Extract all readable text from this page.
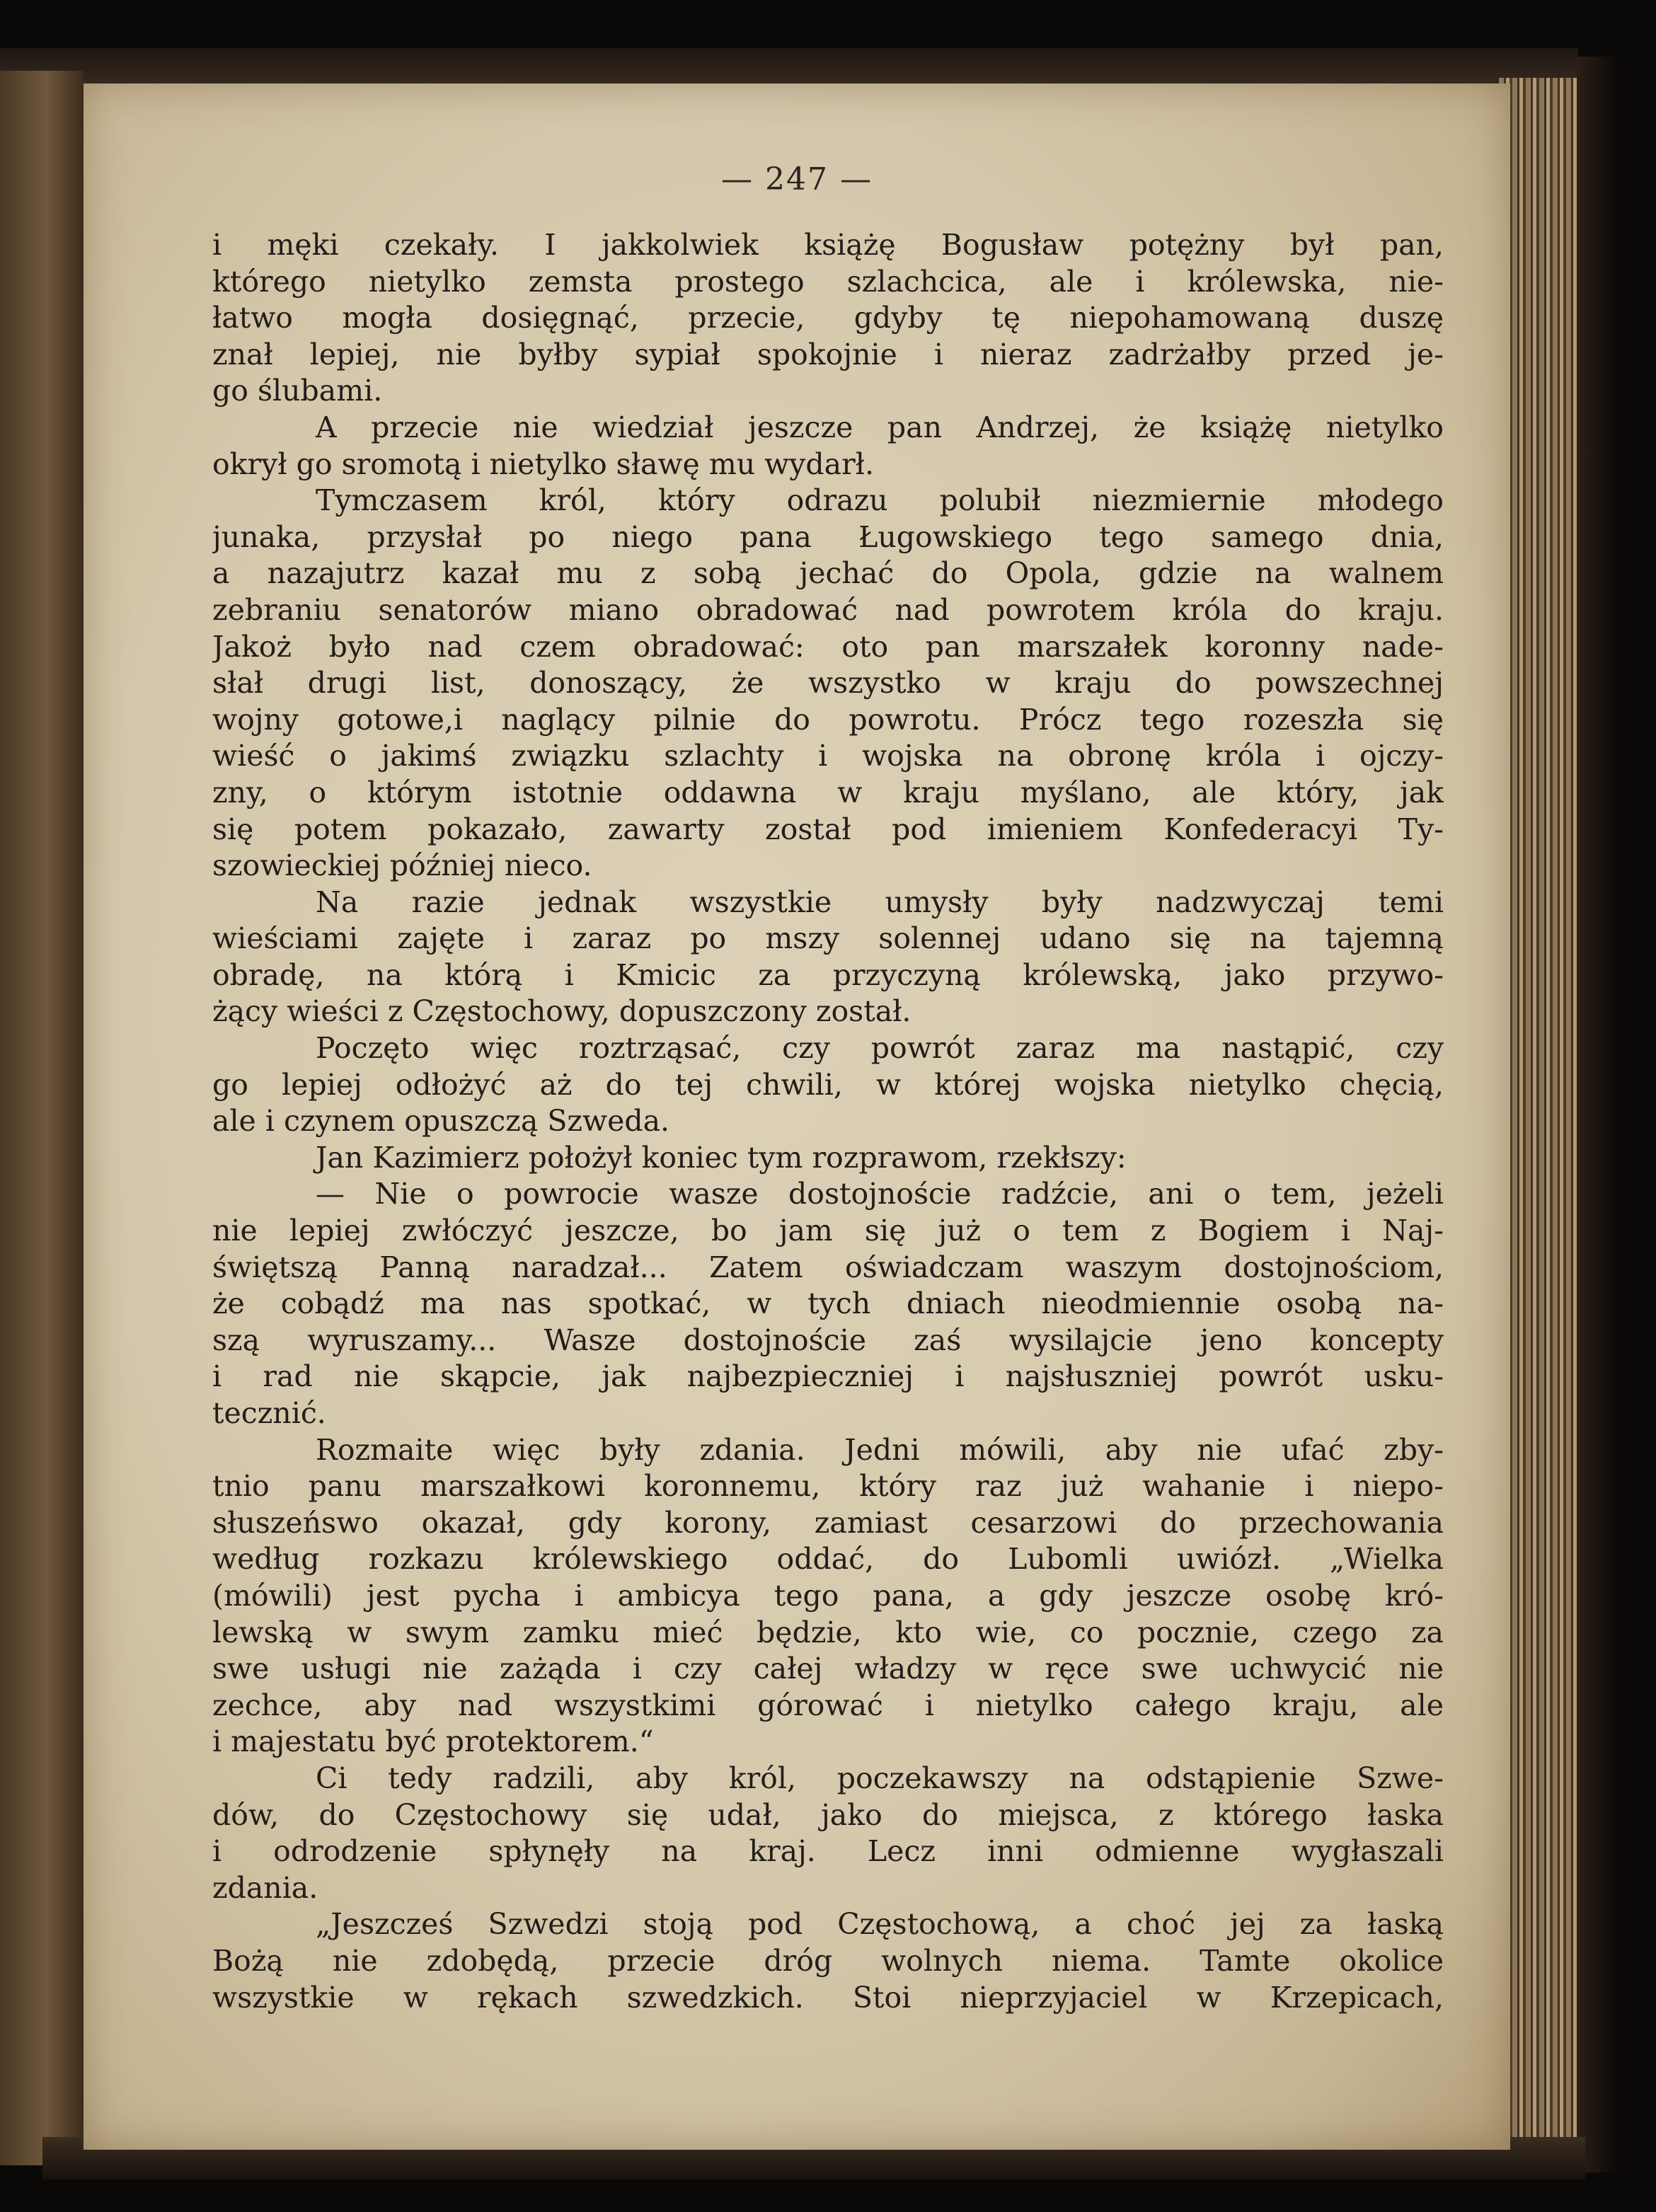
— 247 —
i męki czekały. I jakkolwiek książę Bogusław potężny był pan,
którego nietylko zemsta prostego szlachcica, ale i królewska, nie-
łatwo mogła dosięgnąć, przecie, gdyby tę niepohamowaną duszę
znał lepiej, nie byłby sypiał spokojnie i nieraz zadrżałby przed je-
go ślubami.
A przecie nie wiedział jeszcze pan Andrzej, że książę nietylko
okrył go sromotą i nietylko sławę mu wydarł.
Tymczasem król, który odrazu polubił niezmiernie młodego
junaka, przysłał po niego pana Ługowskiego tego samego dnia,
a nazajutrz kazał mu z sobą jechać do Opola, gdzie na walnem
zebraniu senatorów miano obradować nad powrotem króla do kraju.
Jakoż było nad czem obradować: oto pan marszałek koronny nade-
słał drugi list, donoszący, że wszystko w kraju do powszechnej
wojny gotowe,i naglący pilnie do powrotu. Prócz tego rozeszła się
wieść o jakimś związku szlachty i wojska na obronę króla i ojczy-
zny, o którym istotnie oddawna w kraju myślano, ale który, jak
się potem pokazało, zawarty został pod imieniem Konfederacyi Ty-
szowieckiej później nieco.
Na razie jednak wszystkie umysły były nadzwyczaj temi
wieściami zajęte i zaraz po mszy solennej udano się na tajemną
obradę, na którą i Kmicic za przyczyną królewską, jako przywo-
żący wieści z Częstochowy, dopuszczony został.
Poczęto więc roztrząsać, czy powrót zaraz ma nastąpić, czy
go lepiej odłożyć aż do tej chwili, w której wojska nietylko chęcią,
ale i czynem opuszczą Szweda.
Jan Kazimierz położył koniec tym rozprawom, rzekłszy:
— Nie o powrocie wasze dostojnoście radźcie, ani o tem, jeżeli
nie lepiej zwłóczyć jeszcze, bo jam się już o tem z Bogiem i Naj-
świętszą Panną naradzał... Zatem oświadczam waszym dostojnościom,
że cobądź ma nas spotkać, w tych dniach nieodmiennie osobą na-
szą wyruszamy... Wasze dostojnoście zaś wysilajcie jeno koncepty
i rad nie skąpcie, jak najbezpieczniej i najsłuszniej powrót usku-
tecznić.
Rozmaite więc były zdania. Jedni mówili, aby nie ufać zby-
tnio panu marszałkowi koronnemu, który raz już wahanie i niepo-
słuszeńswo okazał, gdy korony, zamiast cesarzowi do przechowania
według rozkazu królewskiego oddać, do Lubomli uwiózł. „Wielka
(mówili) jest pycha i ambicya tego pana, a gdy jeszcze osobę kró-
lewską w swym zamku mieć będzie, kto wie, co pocznie, czego za
swe usługi nie zażąda i czy całej władzy w ręce swe uchwycić nie
zechce, aby nad wszystkimi górować i nietylko całego kraju, ale
i majestatu być protektorem.“
Ci tedy radzili, aby król, poczekawszy na odstąpienie Szwe-
dów, do Częstochowy się udał, jako do miejsca, z którego łaska
i odrodzenie spłynęły na kraj. Lecz inni odmienne wygłaszali
zdania.
„Jeszcześ Szwedzi stoją pod Częstochową, a choć jej za łaską
Bożą nie zdobędą, przecie dróg wolnych niema. Tamte okolice
wszystkie w rękach szwedzkich. Stoi nieprzyjaciel w Krzepicach,
